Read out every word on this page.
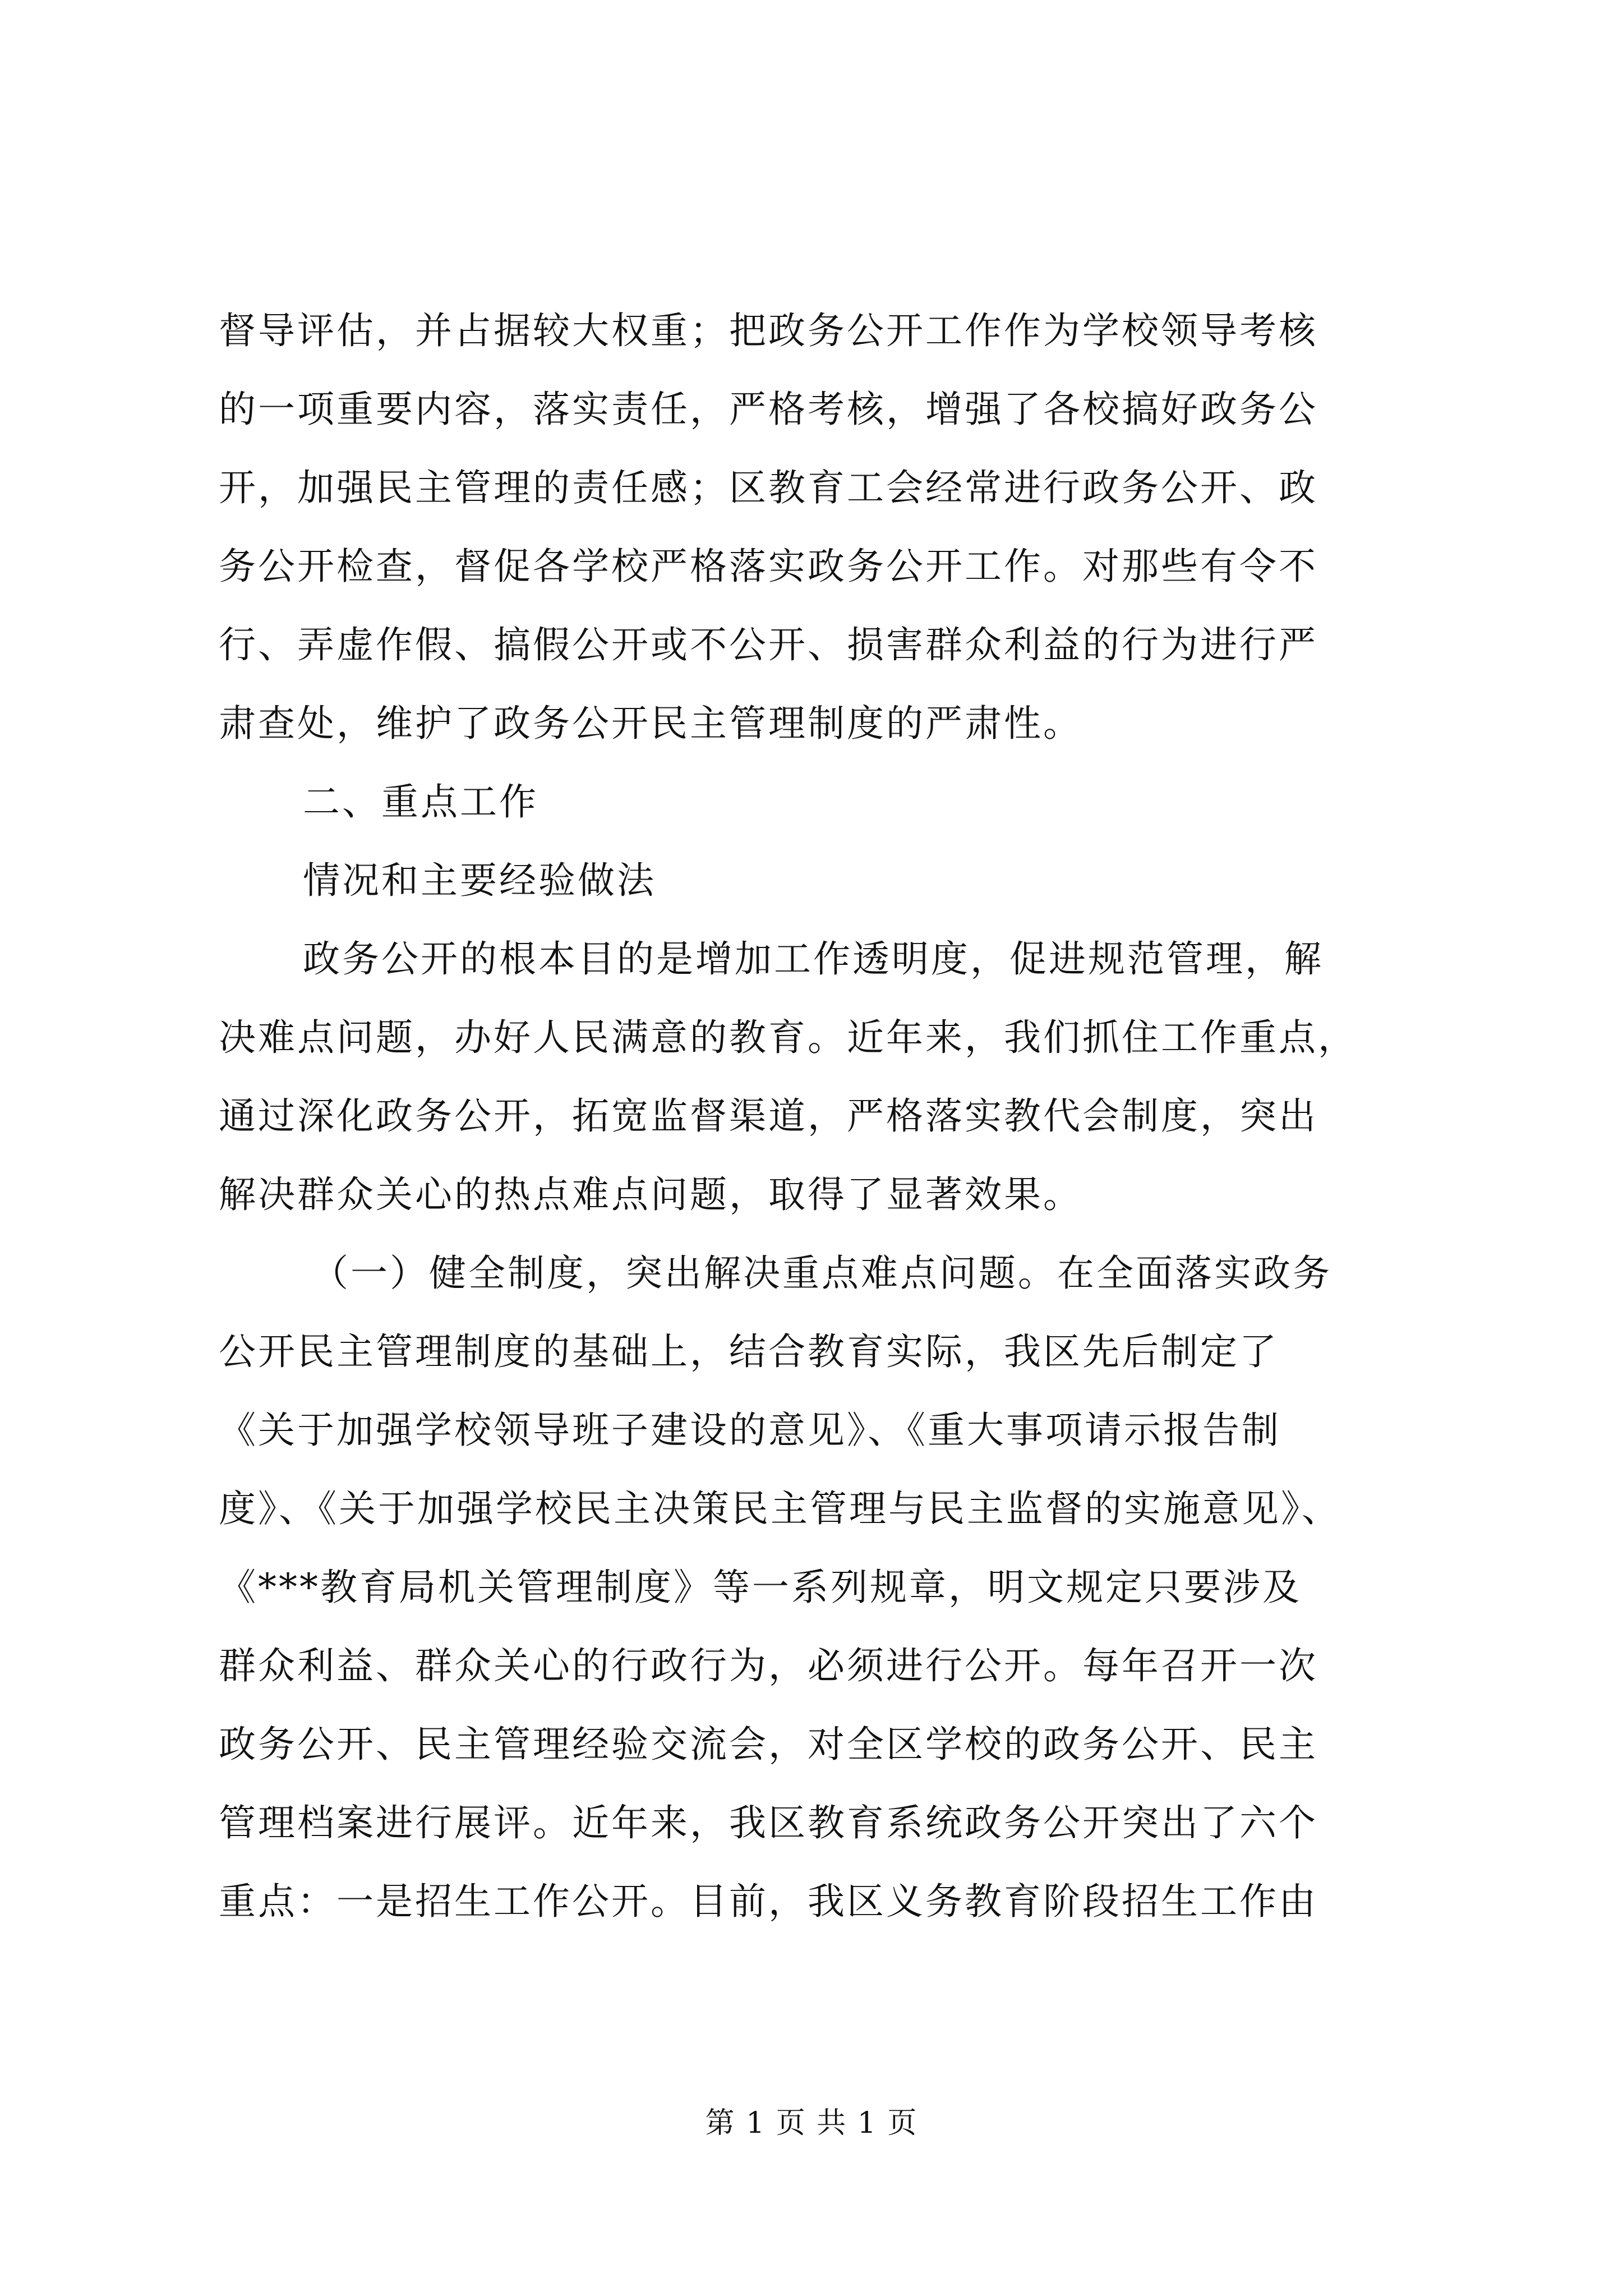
督导评估，并占据较大权重；把政务公开工作作为学校领导考核
的一项重要内容，落实责任，严格考核，增强了各校搞好政务公
开，加强民主管理的责任感；区教育工会经常进行政务公开、政
务公开检查，督促各学校严格落实政务公开工作。对那些有令不
行、弄虚作假、搞假公开或不公开、损害群众利益的行为进行严
肃查处，维护了政务公开民主管理制度的严肃性。
二、重点工作
情况和主要经验做法
政务公开的根本目的是增加工作透明度，促进规范管理，解
决难点问题，办好人民满意的教育。近年来，我们抓住工作重点，
通过深化政务公开，拓宽监督渠道，严格落实教代会制度，突出
解决群众关心的热点难点问题，取得了显著效果。
（一）健全制度，突出解决重点难点问题。在全面落实政务
公开民主管理制度的基础上，结合教育实际，我区先后制定了
《关于加强学校领导班子建设的意见》、《重大事项请示报告制
度》、《关于加强学校民主决策民主管理与民主监督的实施意见》、
《***教育局机关管理制度》等一系列规章，明文规定只要涉及
群众利益、群众关心的行政行为，必须进行公开。每年召开一次
政务公开、民主管理经验交流会，对全区学校的政务公开、民主
管理档案进行展评。近年来，我区教育系统政务公开突出了六个
重点：一是招生工作公开。目前，我区义务教育阶段招生工作由
第 1 页 共 1 页
